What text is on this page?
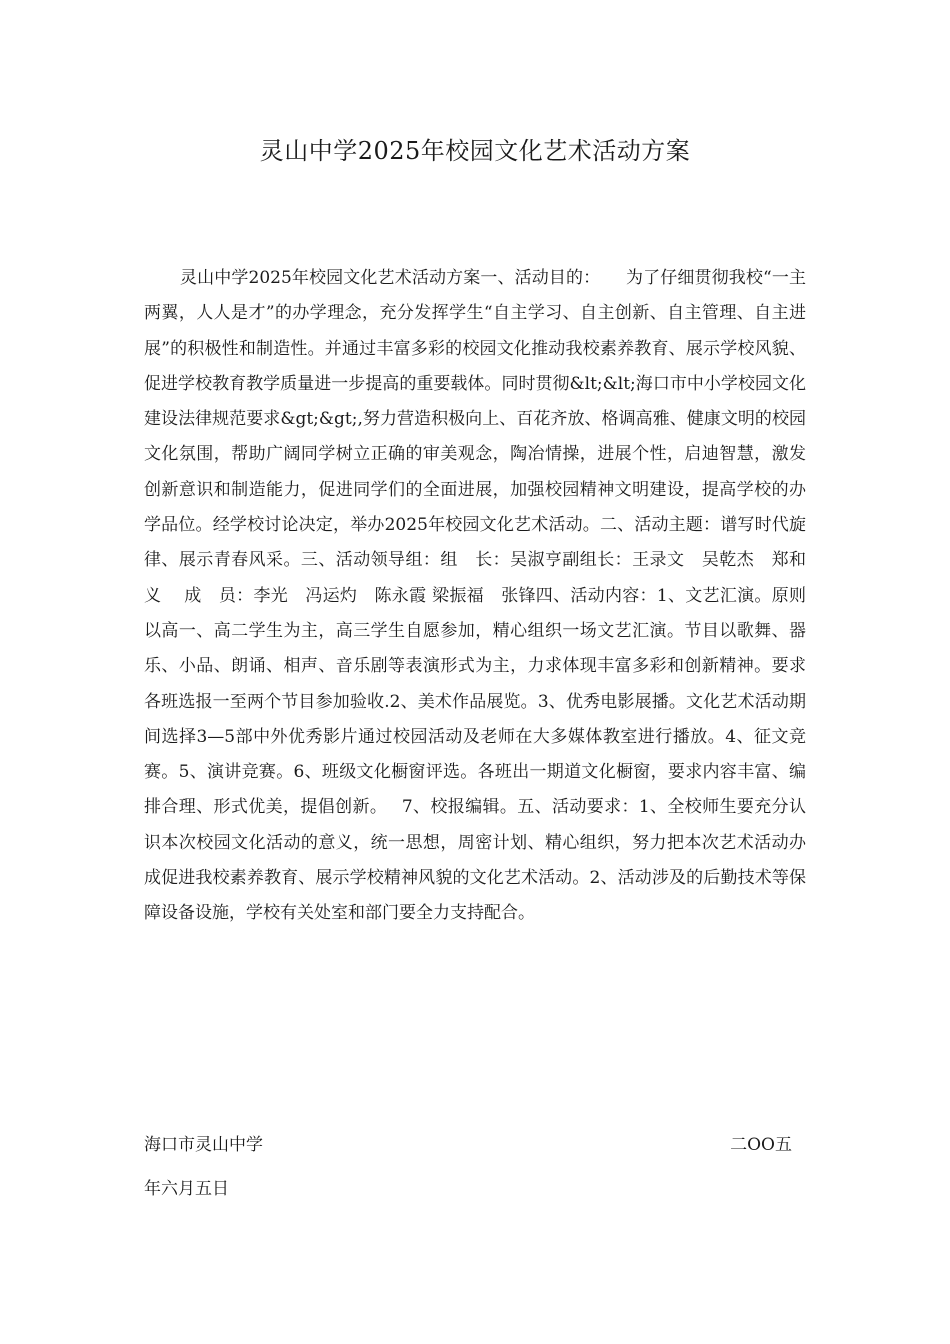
灵山中学2025年校园文化艺术活动方案

灵山中学2025年校园文化艺术活动方案一、活动目的：　　为了仔细贯彻我校“一主两翼，人人是才”的办学理念，充分发挥学生“自主学习、自主创新、自主管理、自主进展”的积极性和制造性。并通过丰富多彩的校园文化推动我校素养教育、展示学校风貌、促进学校教育教学质量进一步提高的重要载体。同时贯彻&lt;&lt;海口市中小学校园文化建设法律规范要求&gt;&gt;,努力营造积极向上、百花齐放、格调高雅、健康文明的校园文化氛围，帮助广阔同学树立正确的审美观念，陶冶情操，进展个性，启迪智慧，激发创新意识和制造能力，促进同学们的全面进展，加强校园精神文明建设，提高学校的办学品位。经学校讨论决定，举办2025年校园文化艺术活动。二、活动主题：谱写时代旋律、展示青春风采。三、活动领导组：组　长：吴淑亨副组长：王录文　吴乾杰　郑和义　 成　员：李光　冯运灼　陈永霞 梁振福　张锋四、活动内容：1、文艺汇演。原则以高一、高二学生为主，高三学生自愿参加，精心组织一场文艺汇演。节目以歌舞、器乐、小品、朗诵、相声、音乐剧等表演形式为主，力求体现丰富多彩和创新精神。要求各班选报一至两个节目参加验收.2、美术作品展览。3、优秀电影展播。文化艺术活动期间选择3—5部中外优秀影片通过校园活动及老师在大多媒体教室进行播放。4、征文竞赛。5、演讲竞赛。6、班级文化橱窗评选。各班出一期道文化橱窗，要求内容丰富、编排合理、形式优美，提倡创新。　 7、校报编辑。五、活动要求：1、全校师生要充分认识本次校园文化活动的意义，统一思想，周密计划、精心组织，努力把本次艺术活动办成促进我校素养教育、展示学校精神风貌的文化艺术活动。2、活动涉及的后勤技术等保障设备设施，学校有关处室和部门要全力支持配合。

海口市灵山中学	二OO五
年六月五日
